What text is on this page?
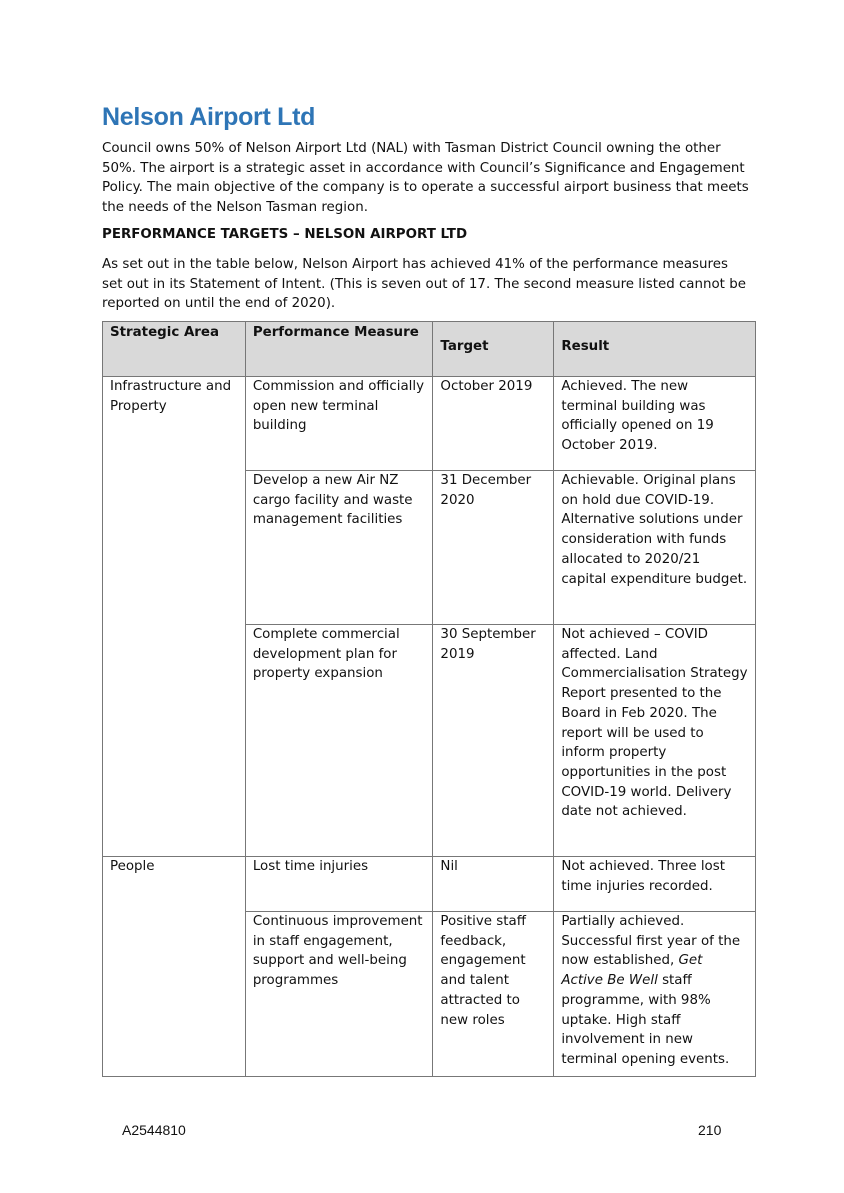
Nelson Airport Ltd

Council owns 50% of Nelson Airport Ltd (NAL) with Tasman District Council owning the other 50%. The airport is a strategic asset in accordance with Council’s Significance and Engagement Policy. The main objective of the company is to operate a successful airport business that meets the needs of the Nelson Tasman region.

PERFORMANCE TARGETS – NELSON AIRPORT LTD

As set out in the table below, Nelson Airport has achieved 41% of the performance measures set out in its Statement of Intent. (This is seven out of 17. The second measure listed cannot be reported on until the end of 2020).

Strategic Area	Performance Measure	Target	Result
Infrastructure and Property	Commission and officially open new terminal building	October 2019	Achieved. The new terminal building was officially opened on 19 October 2019.
	Develop a new Air NZ cargo facility and waste management facilities	31 December 2020	Achievable. Original plans on hold due COVID-19. Alternative solutions under consideration with funds allocated to 2020/21 capital expenditure budget.
	Complete commercial development plan for property expansion	30 September 2019	Not achieved – COVID affected. Land Commercialisation Strategy Report presented to the Board in Feb 2020. The report will be used to inform property opportunities in the post COVID-19 world. Delivery date not achieved.
People	Lost time injuries	Nil	Not achieved. Three lost time injuries recorded.
	Continuous improvement in staff engagement, support and well-being programmes	Positive staff feedback, engagement and talent attracted to new roles	Partially achieved. Successful first year of the now established, Get Active Be Well staff programme, with 98% uptake. High staff involvement in new terminal opening events.
A2544810	210
